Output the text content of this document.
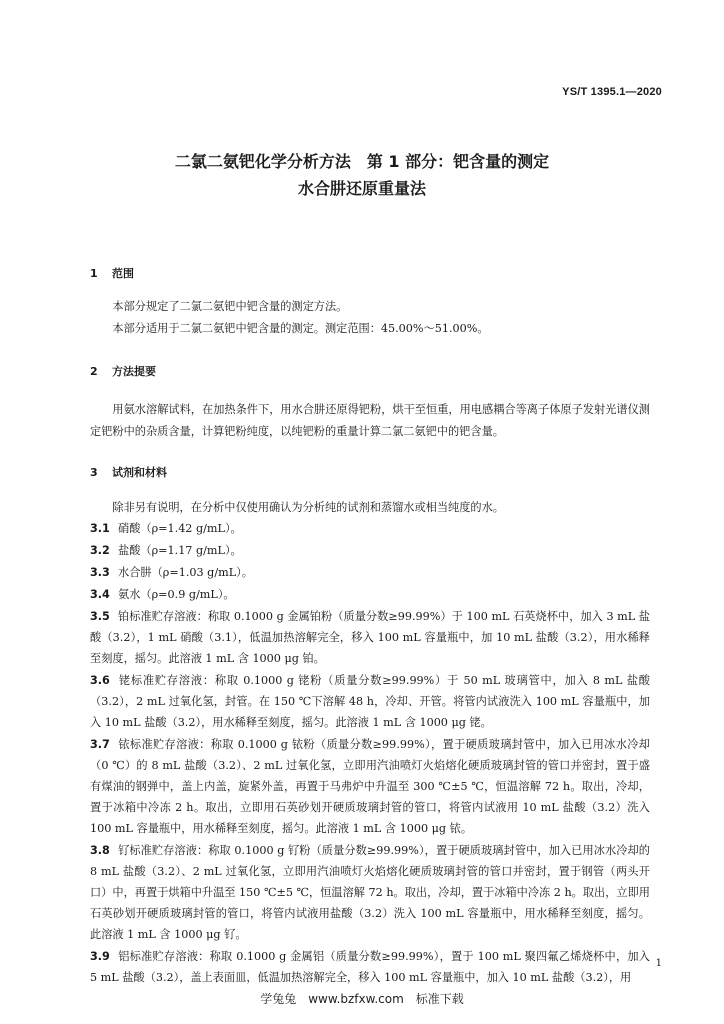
YS/T 1395.1—2020
二氯二氨钯化学分析方法　第 1 部分：钯含量的测定
水合肼还原重量法
1 范围
本部分规定了二氯二氨钯中钯含量的测定方法。
本部分适用于二氯二氨钯中钯含量的测定。测定范围：45.00%～51.00%。
2 方法提要
用氨水溶解试料，在加热条件下，用水合肼还原得钯粉，烘干至恒重，用电感耦合等离子体原子发射光谱仪测定钯粉中的杂质含量，计算钯粉纯度，以纯钯粉的重量计算二氯二氨钯中的钯含量。
3 试剂和材料
除非另有说明，在分析中仅使用确认为分析纯的试剂和蒸馏水或相当纯度的水。
3.1 硝酸（ρ=1.42 g/mL）。
3.2 盐酸（ρ=1.17 g/mL）。
3.3 水合肼（ρ=1.03 g/mL）。
3.4 氨水（ρ=0.9 g/mL）。
3.5 铂标准贮存溶液：称取 0.1000 g 金属铂粉（质量分数≥99.99%）于 100 mL 石英烧杯中，加入 3 mL 盐酸（3.2），1 mL 硝酸（3.1），低温加热溶解完全，移入 100 mL 容量瓶中，加 10 mL 盐酸（3.2），用水稀释至刻度，摇匀。此溶液 1 mL 含 1000 μg 铂。
3.6 铑标准贮存溶液：称取 0.1000 g 铑粉（质量分数≥99.99%）于 50 mL 玻璃管中，加入 8 mL 盐酸（3.2），2 mL 过氧化氢，封管。在 150 ℃下溶解 48 h，冷却、开管。将管内试液洗入 100 mL 容量瓶中，加入 10 mL 盐酸（3.2），用水稀释至刻度，摇匀。此溶液 1 mL 含 1000 μg 铑。
3.7 铱标准贮存溶液：称取 0.1000 g 铱粉（质量分数≥99.99%），置于硬质玻璃封管中，加入已用冰水冷却（0 ℃）的 8 mL 盐酸（3.2）、2 mL 过氧化氢，立即用汽油喷灯火焰熔化硬质玻璃封管的管口并密封，置于盛有煤油的钢弹中，盖上内盖，旋紧外盖，再置于马弗炉中升温至 300 ℃±5 ℃，恒温溶解 72 h。取出，冷却，置于冰箱中冷冻 2 h。取出，立即用石英砂划开硬质玻璃封管的管口，将管内试液用 10 mL 盐酸（3.2）洗入 100 mL 容量瓶中，用水稀释至刻度，摇匀。此溶液 1 mL 含 1000 μg 铱。
3.8 钌标准贮存溶液：称取 0.1000 g 钌粉（质量分数≥99.99%），置于硬质玻璃封管中，加入已用冰水冷却的 8 mL 盐酸（3.2）、2 mL 过氧化氢，立即用汽油喷灯火焰熔化硬质玻璃封管的管口并密封，置于钢管（两头开口）中，再置于烘箱中升温至 150 ℃±5 ℃，恒温溶解 72 h。取出，冷却，置于冰箱中冷冻 2 h。取出，立即用石英砂划开硬质玻璃封管的管口，将管内试液用盐酸（3.2）洗入 100 mL 容量瓶中，用水稀释至刻度，摇匀。此溶液 1 mL 含 1000 μg 钌。
3.9 铝标准贮存溶液：称取 0.1000 g 金属铝（质量分数≥99.99%），置于 100 mL 聚四氟乙烯烧杯中，加入 5 mL 盐酸（3.2），盖上表面皿，低温加热溶解完全，移入 100 mL 容量瓶中，加入 10 mL 盐酸（3.2），用
1
学兔兔　www.bzfxw.com　标准下载
